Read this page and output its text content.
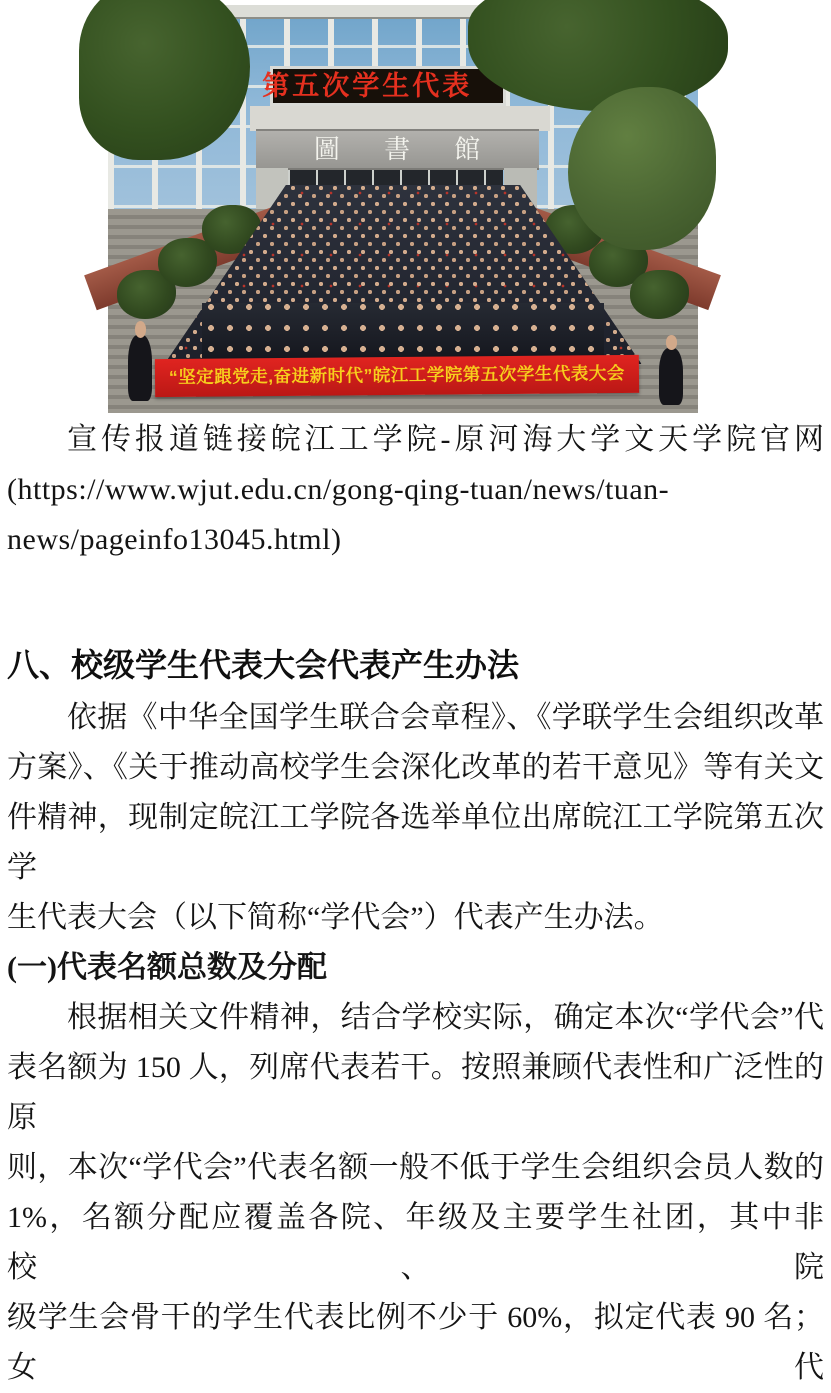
第五次学生代表
圖書館
“坚定跟党走,奋进新时代”皖江工学院第五次学生代表大会
宣传报道链接皖江工学院-原河海大学文天学院官网
(https://www.wjut.edu.cn/gong-qing-tuan/news/tuan-
news/pageinfo13045.html)
八、校级学生代表大会代表产生办法
依据《中华全国学生联合会章程》、《学联学生会组织改革
方案》、《关于推动高校学生会深化改革的若干意见》等有关文
件精神，现制定皖江工学院各选举单位出席皖江工学院第五次学
生代表大会（以下简称“学代会”）代表产生办法。
(一)代表名额总数及分配
根据相关文件精神，结合学校实际，确定本次“学代会”代
表名额为 150 人，列席代表若干。按照兼顾代表性和广泛性的原
则，本次“学代会”代表名额一般不低于学生会组织会员人数的
1%，名额分配应覆盖各院、年级及主要学生社团，其中非校、院
级学生会骨干的学生代表比例不少于 60%，拟定代表 90 名；女代
